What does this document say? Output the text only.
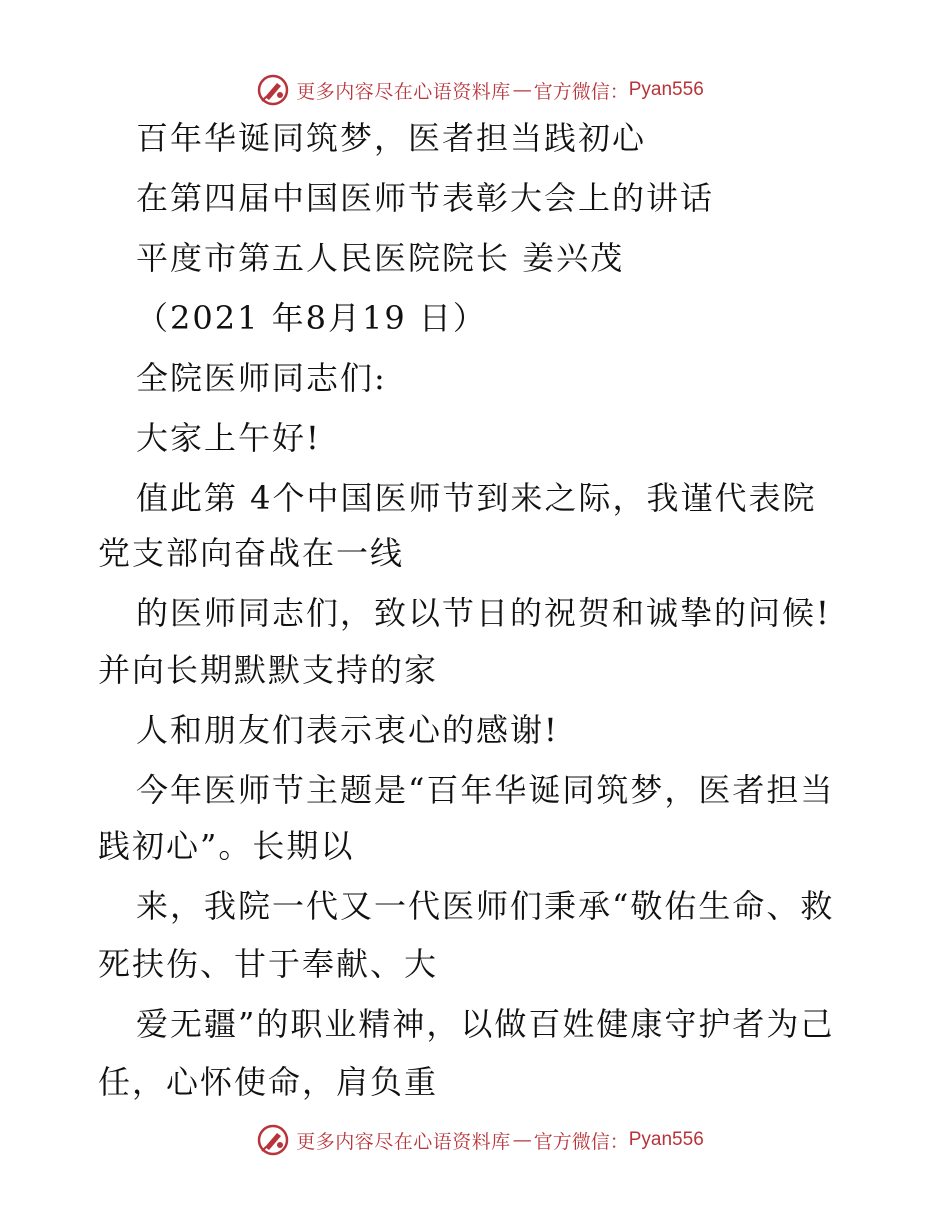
更多内容尽在心语资料库 — 官方微信： Pyan556
百年华诞同筑梦，医者担当践初心
在第四届中国医师节表彰大会上的讲话
平度市第五人民医院院长 姜兴茂
（2021 年8月19 日）
全院医师同志们:
大家上午好!
值此第 4个中国医师节到来之际，我谨代表院
党支部向奋战在一线
的医师同志们，致以节日的祝贺和诚挚的问候!
并向长期默默支持的家
人和朋友们表示衷心的感谢!
今年医师节主题是“百年华诞同筑梦，医者担当
践初心”。长期以
来，我院一代又一代医师们秉承“敬佑生命、救
死扶伤、甘于奉献、大
爱无疆”的职业精神，以做百姓健康守护者为己
任，心怀使命，肩负重
更多内容尽在心语资料库 — 官方微信： Pyan556
